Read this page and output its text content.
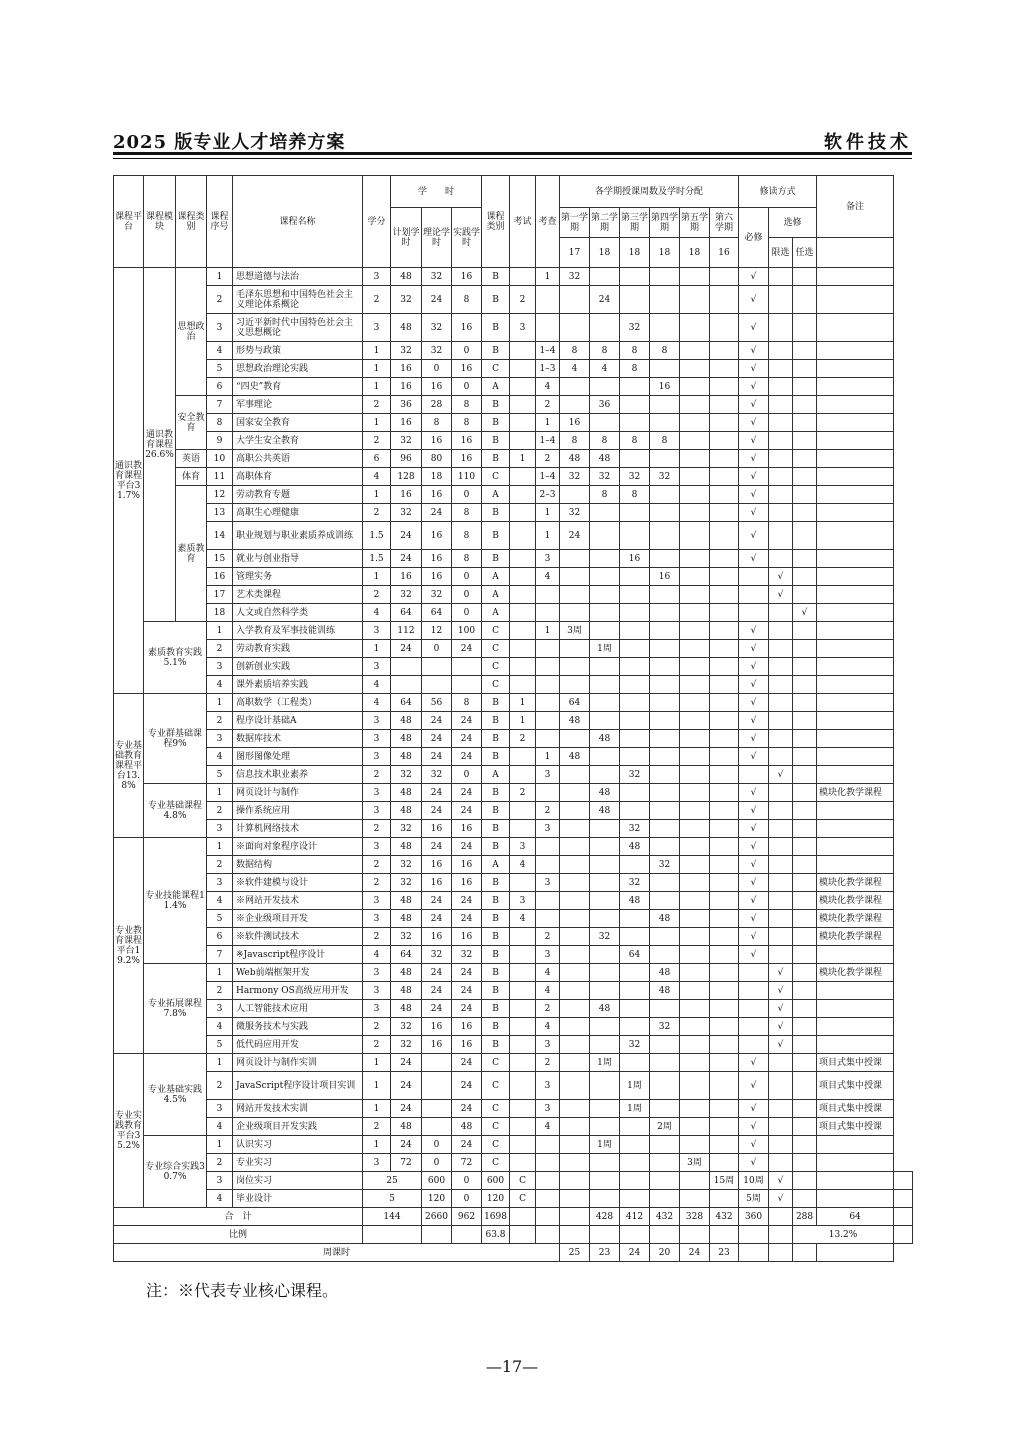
2025 版专业人才培养方案	软件技术
课程平台	课程模块	课程类别	课程序号	课程名称	学分	学　　时			课程类别	考试	考查	各学期授课周数及学时分配						修读方式			备注	
						计划学时	理论学时	实践学时				第一学期	第二学期	第三学期	第四学期	第五学期	第六学期	必修	选修			
												17	18	18	18	18	16		限选	任选		
通识教育课程平台31.7%	通识教育课程26.6%	思想政治	1	思想道德与法治	3	48	32	16	B		1	32						√				
			2	毛泽东思想和中国特色社会主义理论体系概论	2	32	24	8	B	2			24					√				
			3	习近平新时代中国特色社会主义思想概论	3	48	32	16	B	3				32				√				
			4	形势与政策	1	32	32	0	B		1–4	8	8	8	8			√				
			5	思想政治理论实践	1	16	0	16	C		1–3	4	4	8				√				
			6	“四史”教育	1	16	16	0	A		4				16			√				
		安全教育	7	军事理论	2	36	28	8	B		2		36					√				
			8	国家安全教育	1	16	8	8	B		1	16						√				
			9	大学生安全教育	2	32	16	16	B		1–4	8	8	8	8			√				
		英语	10	高职公共英语	6	96	80	16	B	1	2	48	48					√				
		体育	11	高职体育	4	128	18	110	C		1–4	32	32	32	32			√				
		素质教育	12	劳动教育专题	1	16	16	0	A		2–3		8	8				√				
			13	高职生心理健康	2	32	24	8	B		1	32						√				
			14	职业规划与职业素质养成训练	1.5	24	16	8	B		1	24						√				
			15	就业与创业指导	1.5	24	16	8	B		3			16				√				
			16	管理实务	1	16	16	0	A		4				16				√			
			17	艺术类课程	2	32	32	0	A										√			
			18	人文或自然科学类	4	64	64	0	A											√		
	素质教育实践5.1%		1	入学教育及军事技能训练	3	112	12	100	C		1	3周						√				
			2	劳动教育实践	1	24	0	24	C				1周					√				
			3	创新创业实践	3				C									√				
			4	课外素质培养实践	4				C									√				
专业基础教育课程平台13.8%	专业群基础课程9%		1	高职数学（工程类）	4	64	56	8	B	1		64						√				
			2	程序设计基础A	3	48	24	24	B	1		48						√				
			3	数据库技术	3	48	24	24	B	2			48					√				
			4	图形图像处理	3	48	24	24	B		1	48						√				
			5	信息技术职业素养	2	32	32	0	A		3			32					√			
	专业基础课程4.8%		1	网页设计与制作	3	48	24	24	B	2			48					√			模块化教学课程	
			2	操作系统应用	3	48	24	24	B		2		48					√				
			3	计算机网络技术	2	32	16	16	B		3			32				√				
专业教育课程平台19.2%	专业技能课程11.4%		1	※面向对象程序设计	3	48	24	24	B	3				48				√				
			2	数据结构	2	32	16	16	A	4					32			√				
			3	※软件建模与设计	2	32	16	16	B		3			32				√			模块化教学课程	
			4	※网站开发技术	3	48	24	24	B	3				48				√			模块化教学课程	
			5	※企业级项目开发	3	48	24	24	B	4					48			√			模块化教学课程	
			6	※软件测试技术	2	32	16	16	B		2		32					√			模块化教学课程	
			7	※Javascript程序设计	4	64	32	32	B		3			64				√				
	专业拓展课程7.8%		1	Web前端框架开发	3	48	24	24	B		4				48				√		模块化教学课程	
			2	Harmony OS高级应用开发	3	48	24	24	B		4				48				√			
			3	人工智能技术应用	3	48	24	24	B		2		48						√			
			4	微服务技术与实践	2	32	16	16	B		4				32				√			
			5	低代码应用开发	2	32	16	16	B		3			32					√			
专业实践教育平台35.2%	专业基础实践4.5%		1	网页设计与制作实训	1	24		24	C		2		1周					√			项目式集中授课	
			2	JavaScript程序设计项目实训	1	24		24	C		3			1周				√			项目式集中授课	
			3	网站开发技术实训	1	24		24	C		3			1周				√			项目式集中授课	
			4	企业级项目开发实践	2	48		48	C		4				2周			√			项目式集中授课	
	专业综合实践30.7%		1	认识实习	1	24	0	24	C				1周					√				
			2	专业实习	3	72	0	72	C							3周		√				
			3	岗位实习	25		600	0	600	C							15周	10周	√			
			4	毕业设计	5		120	0	120	C								5周	√			
合　计					144		2660	962	1698				428	412	432	328	432	360		288	64	
比例									63.8											13.2%		
周课时												25	23	24	20	24	23					
注：※代表专业核心课程。
—17—
